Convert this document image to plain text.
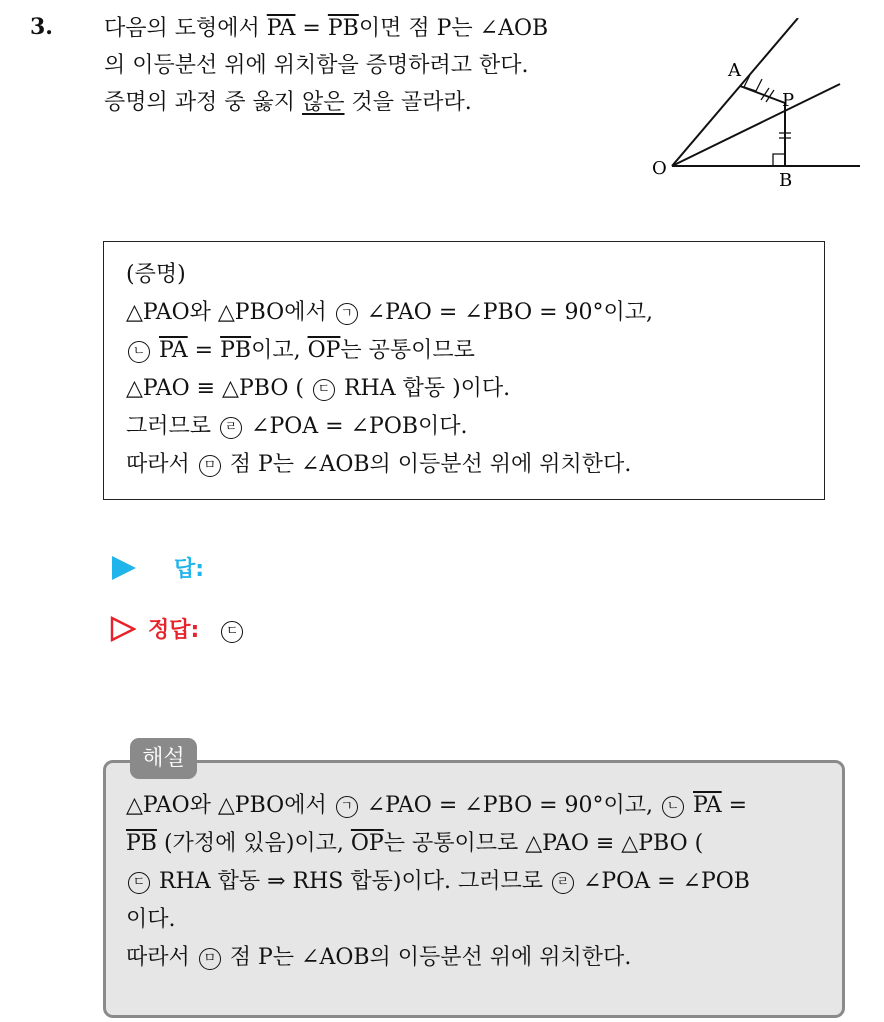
3. 다음의 도형에서 $\overline{PA} = \overline{PB}$이면 점 P는 ∠AOB
의 이등분선 위에 위치함을 증명하려고 한다.
증명의 과정 중 옳지 않은 것을 골라라.
A
P
O
B
(증명)
△PAO와 △PBO에서 ㄱ ∠PAO = ∠PBO = 90°이고,
ㄴ $\overline{PA} = \overline{PB}$이고, $\overline{OP}$는 공통이므로
△PAO ≡ △PBO ( ㄷ RHA 합동 )이다.
그러므로 ㄹ ∠POA = ∠POB이다.
따라서 ㅁ 점 P는 ∠AOB의 이등분선 위에 위치한다.
답:
정답: ㄷ
△PAO와 △PBO에서 ㄱ ∠PAO = ∠PBO = 90°이고, ㄴ $\overline{PA}$ =
$\overline{PB}$ (가정에 있음)이고, $\overline{OP}$는 공통이므로 △PAO ≡ △PBO (
ㄷ RHA 합동 ⇒ RHS 합동)이다. 그러므로 ㄹ ∠POA = ∠POB
이다.
따라서 ㅁ 점 P는 ∠AOB의 이등분선 위에 위치한다.
해설
